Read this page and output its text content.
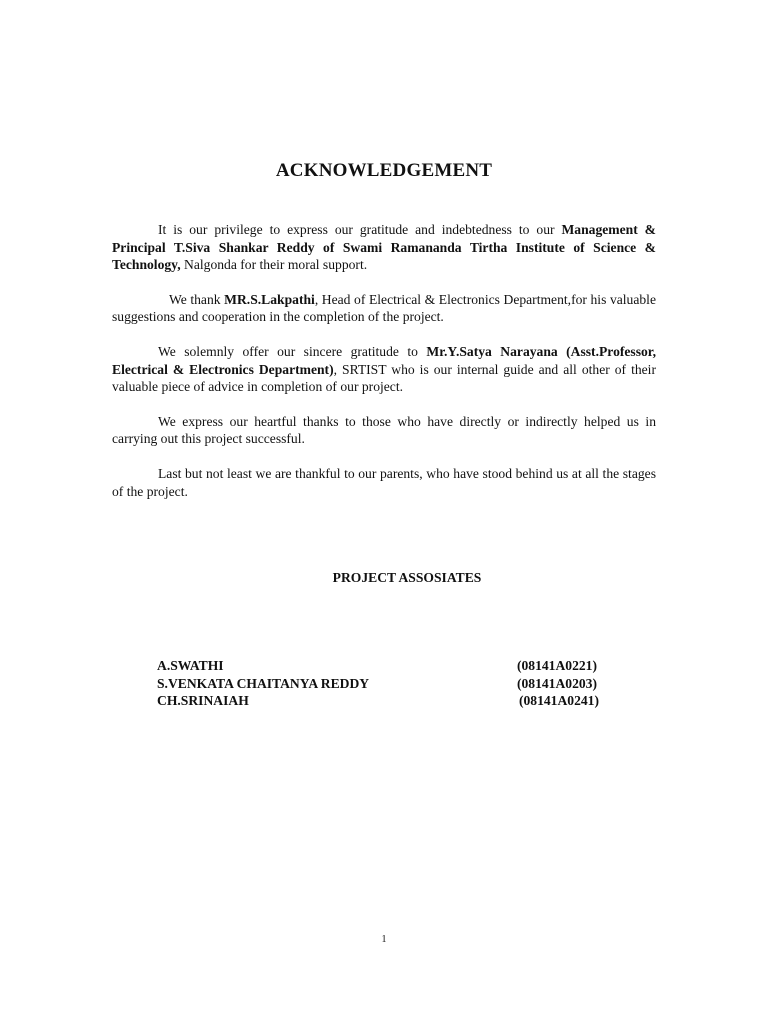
ACKNOWLEDGEMENT

It is our privilege to express our gratitude and indebtedness to our Management & Principal T.Siva Shankar Reddy of Swami Ramananda Tirtha Institute of Science & Technology, Nalgonda for their moral support.

We thank MR.S.Lakpathi, Head of Electrical & Electronics Department,for his valuable suggestions and cooperation in the completion of the project.

We solemnly offer our sincere gratitude to Mr.Y.Satya Narayana (Asst.Professor, Electrical & Electronics Department), SRTIST who is our internal guide and all other of their valuable piece of advice in completion of our project.

We express our heartful thanks to those who have directly or indirectly helped us in carrying out this project successful.

Last but not least we are thankful to our parents, who have stood behind us at all the stages of the project.

PROJECT ASSOSIATES
A.SWATHI	(08141A0221)
S.VENKATA CHAITANYA REDDY	(08141A0203)
CH.SRINAIAH	(08141A0241)
1
